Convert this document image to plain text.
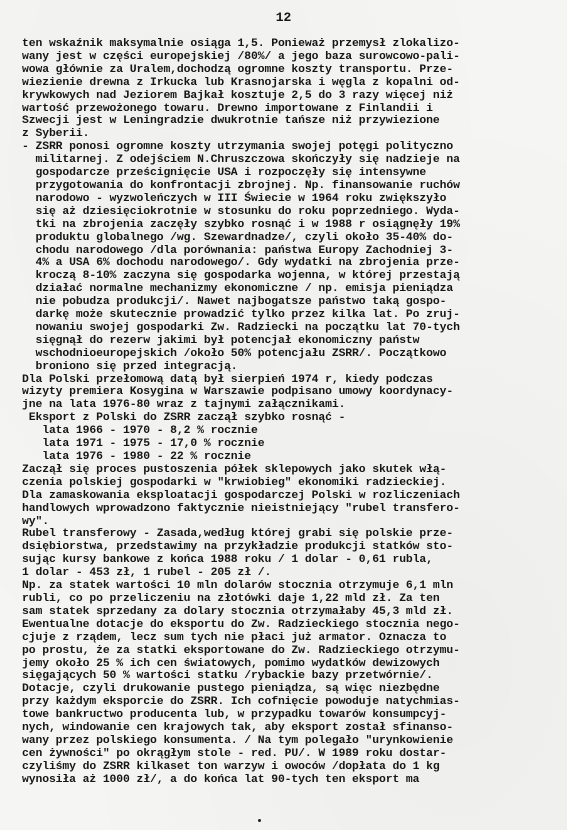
12
ten wskaźnik maksymalnie osiąga 1,5. Ponieważ przemysł zlokalizo-
wany jest w części europejskiej /80%/ a jego baza surowcowo-pali-
wowa głównie za Uralem,dochodzą ogromne koszty transportu. Prze-
wiezienie drewna z Irkucka lub Krasnojarska i węgla z kopalni od-
krywkowych nad Jeziorem Bajkał kosztuje 2,5 do 3 razy więcej niż
wartość przewożonego towaru. Drewno importowane z Finlandii i
Szwecji jest w Leningradzie dwukrotnie tańsze niż przywiezione
z Syberii.
- ZSRR ponosi ogromne koszty utrzymania swojej potęgi polityczno
militarnej. Z odejściem N.Chruszczowa skończyły się nadzieje na
gospodarcze prześcignięcie USA i rozpoczęły się intensywne
przygotowania do konfrontacji zbrojnej. Np. finansowanie ruchów
narodowo - wyzwoleńczych w III Świecie w 1964 roku zwiększyło
się aż dziesięciokrotnie w stosunku do roku poprzedniego. Wyda-
tki na zbrojenia zaczęły szybko rosnąć i w 1988 r osiągnęły 19%
produktu globalnego /wg. Szewardnadze/, czyli około 35-40% do-
chodu narodowego /dla porównania: państwa Europy Zachodniej 3-
4% a USA 6% dochodu narodowego/. Gdy wydatki na zbrojenia prze-
kroczą 8-10% zaczyna się gospodarka wojenna, w której przestają
działać normalne mechanizmy ekonomiczne / np. emisja pieniądza
nie pobudza produkcji/. Nawet najbogatsze państwo taką gospo-
darkę może skutecznie prowadzić tylko przez kilka lat. Po zruj-
nowaniu swojej gospodarki Zw. Radziecki na początku lat 70-tych
sięgnął do rezerw jakimi był potencjał ekonomiczny państw
wschodnioeuropejskich /około 50% potencjału ZSRR/. Początkowo
broniono się przed integracją.
Dla Polski przełomową datą był sierpień 1974 r, kiedy podczas
wizyty premiera Kosygina w Warszawie podpisano umowy koordynacy-
jne na lata 1976-80 wraz z tajnymi załącznikami.
Eksport z Polski do ZSRR zaczął szybko rosnąć -
lata 1966 - 1970 - 8,2 % rocznie
lata 1971 - 1975 - 17,0 % rocznie
lata 1976 - 1980 - 22 % rocznie
Zaczął się proces pustoszenia półek sklepowych jako skutek włą-
czenia polskiej gospodarki w "krwiobieg" ekonomiki radzieckiej.
Dla zamaskowania eksploatacji gospodarczej Polski w rozliczeniach
handlowych wprowadzono faktycznie nieistniejący "rubel transfero-
wy".
Rubel transferowy - Zasada,według której grabi się polskie prze-
dsiębiorstwa, przedstawimy na przykładzie produkcji statków sto-
sując kursy bankowe z końca 1988 roku / 1 dolar - 0,61 rubla,
1 dolar - 453 zł, 1 rubel - 205 zł /.
Np. za statek wartości 10 mln dolarów stocznia otrzymuje 6,1 mln
rubli, co po przeliczeniu na złotówki daje 1,22 mld zł. Za ten
sam statek sprzedany za dolary stocznia otrzymałaby 45,3 mld zł.
Ewentualne dotacje do eksportu do Zw. Radzieckiego stocznia nego-
cjuje z rządem, lecz sum tych nie płaci już armator. Oznacza to
po prostu, że za statki eksportowane do Zw. Radzieckiego otrzymu-
jemy około 25 % ich cen światowych, pomimo wydatków dewizowych
sięgających 50 % wartości statku /rybackie bazy przetwórnie/.
Dotacje, czyli drukowanie pustego pieniądza, są więc niezbędne
przy każdym eksporcie do ZSRR. Ich cofnięcie powoduje natychmias-
towe bankructwo producenta lub, w przypadku towarów konsumpcyj-
nych, windowanie cen krajowych tak, aby eksport został sfinanso-
wany przez polskiego konsumenta. / Na tym polegało "urynkowienie
cen żywności" po okrągłym stole - red. PU/. W 1989 roku dostar-
czyliśmy do ZSRR kilkaset ton warzyw i owoców /dopłata do 1 kg
wynosiła aż 1000 zł/, a do końca lat 90-tych ten eksport ma
